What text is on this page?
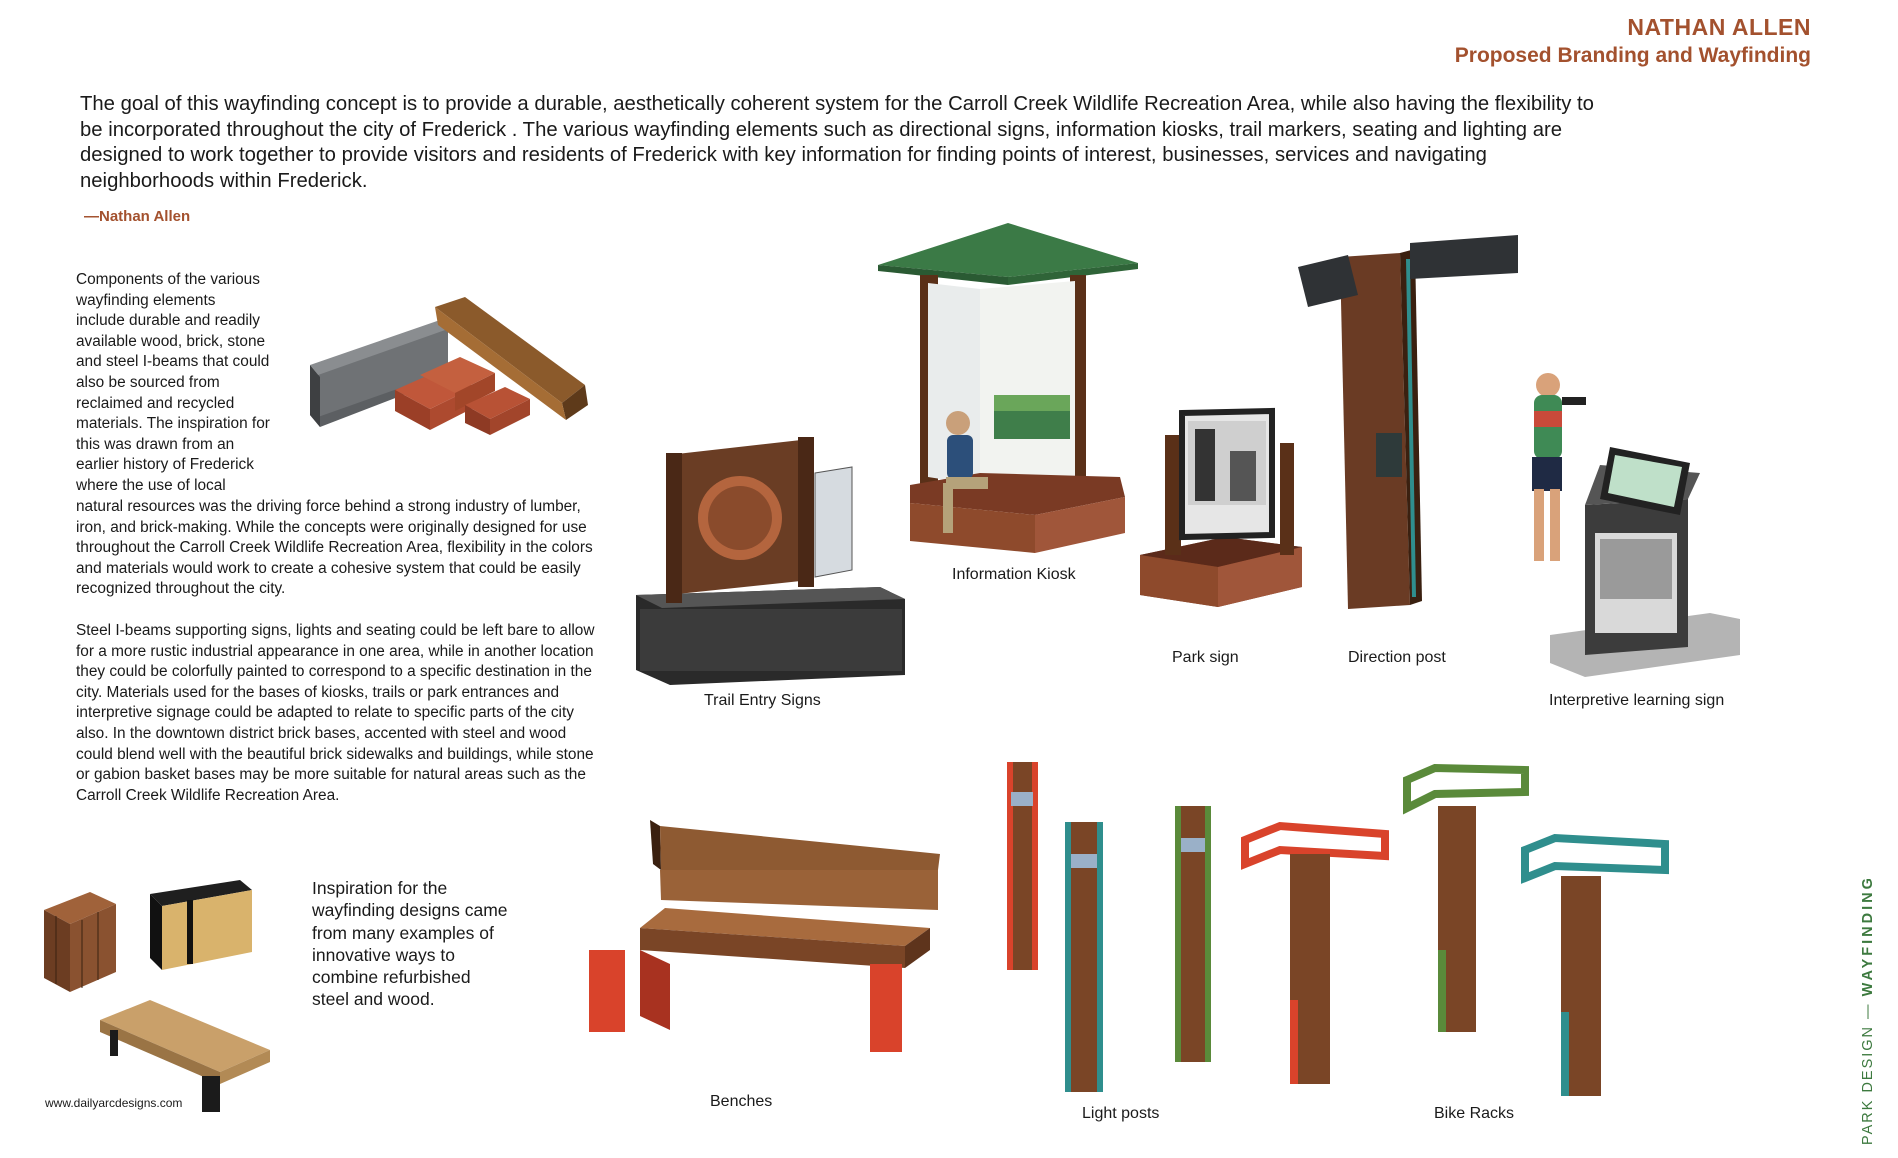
NATHAN ALLEN
Proposed Branding and Wayfinding
The goal of this wayfinding concept is to provide a durable, aesthetically coherent system for the Carroll Creek Wildlife Recreation Area, while also having the flexibility to be incorporated throughout the city of Frederick . The various wayfinding elements such as directional signs, information kiosks, trail markers, seating and lighting are designed to work together to provide visitors and residents of Frederick with key information for finding points of interest, businesses, services and navigating neighborhoods within Frederick.
—Nathan Allen
Components of the various
wayfinding elements
include durable and readily
available wood, brick, stone
and steel I-beams that could
also be sourced from
reclaimed and recycled
materials. The inspiration for
this was drawn from an
earlier history of Frederick
where the use of local
natural resources was the driving force behind a strong industry of lumber, iron, and brick-making. While the concepts were originally designed for use throughout the Carroll Creek Wildlife Recreation Area, flexibility in the colors and materials would work to create a cohesive system that could be easily recognized throughout the city.
Steel I-beams supporting signs, lights and seating could be left bare to allow for a more rustic industrial appearance in one area, while in another location they could be colorfully painted to correspond to a specific destination in the city. Materials used for the bases of kiosks, trails or park entrances and interpretive signage could be adapted to relate to specific parts of the city also. In the downtown district brick bases, accented with steel and wood could blend well with the beautiful brick sidewalks and buildings, while stone or gabion basket bases may be more suitable for natural areas such as the Carroll Creek Wildlife Recreation Area.
www.dailyarcdesigns.com
Inspiration for the wayfinding designs came from many examples of innovative ways to combine refurbished steel and wood.
Information Kiosk
Trail Entry Signs
Park sign	Direction post
Interpretive learning sign
Benches
Light posts	Bike Racks	PARK DESIGN — WAYFINDING
